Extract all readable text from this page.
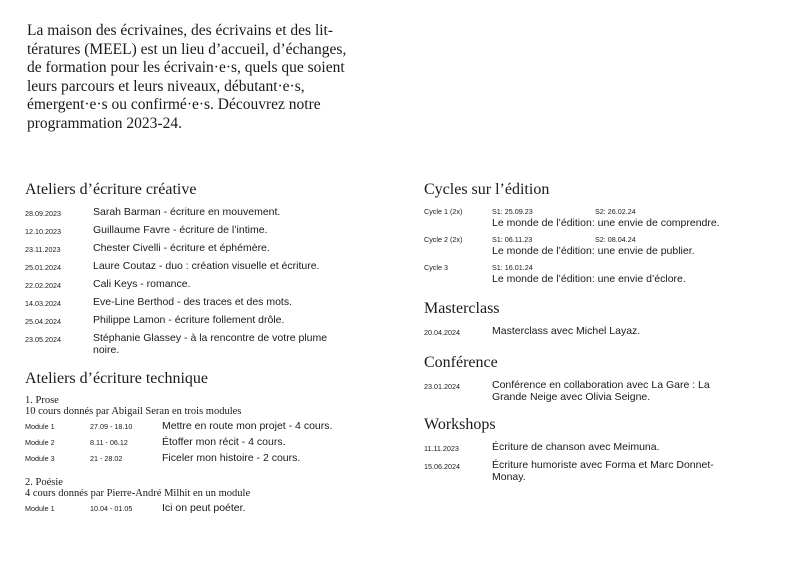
La maison des écrivaines, des écrivains et des lit-
tératures (MEEL) est un lieu d’accueil, d’échanges,
de formation pour les écrivain·e·s, quels que soient
leurs parcours et leurs niveaux, débutant·e·s,
émergent·e·s ou confirmé·e·s. Découvrez notre
programmation 2023-24.

Ateliers d’écriture créative
28.09.2023	Sarah Barman - écriture en mouvement.
12.10.2023	Guillaume Favre - écriture de l’intime.
23.11.2023	Chester Civelli - écriture et éphémère.
25.01.2024	Laure Coutaz - duo : création visuelle et écriture.
22.02.2024	Cali Keys - romance.
14.03.2024	Eve-Line Berthod - des traces et des mots.
25.04.2024	Philippe Lamon - écriture follement drôle.
23.05.2024	Stéphanie Glassey - à la rencontre de votre plume noire.
Ateliers d’écriture technique
1. Prose
10 cours donnés par Abigail Seran en trois modules
Module 1	27.09 - 18.10	Mettre en route mon projet - 4 cours.
Module 2	8.11 - 06.12	Étoffer mon récit - 4 cours.
Module 3	21 - 28.02	Ficeler mon histoire - 2 cours.
2. Poésie
4 cours donnés par Pierre-André Milhit en un module
Module 1	10.04 - 01.05	Ici on peut poéter.
Cycles sur l’édition
Cycle 1 (2x)	S1: 25.09.23	S2: 26.02.24
Le monde de l’édition: une envie de comprendre.
Cycle 2 (2x)	S1: 06.11.23	S2: 08.04.24
Le monde de l’édition: une envie de publier.
Cycle 3	S1: 16.01.24
Le monde de l’édition: une envie d’éclore.
Masterclass
20.04.2024	Masterclass avec Michel Layaz.
Conférence
23.01.2024	Conférence en collaboration avec La Gare : La Grande Neige avec Olivia Seigne.
Workshops
11.11.2023	Écriture de chanson avec Meimuna.
15.06.2024	Écriture humoriste avec Forma et Marc Donnet-Monay.
